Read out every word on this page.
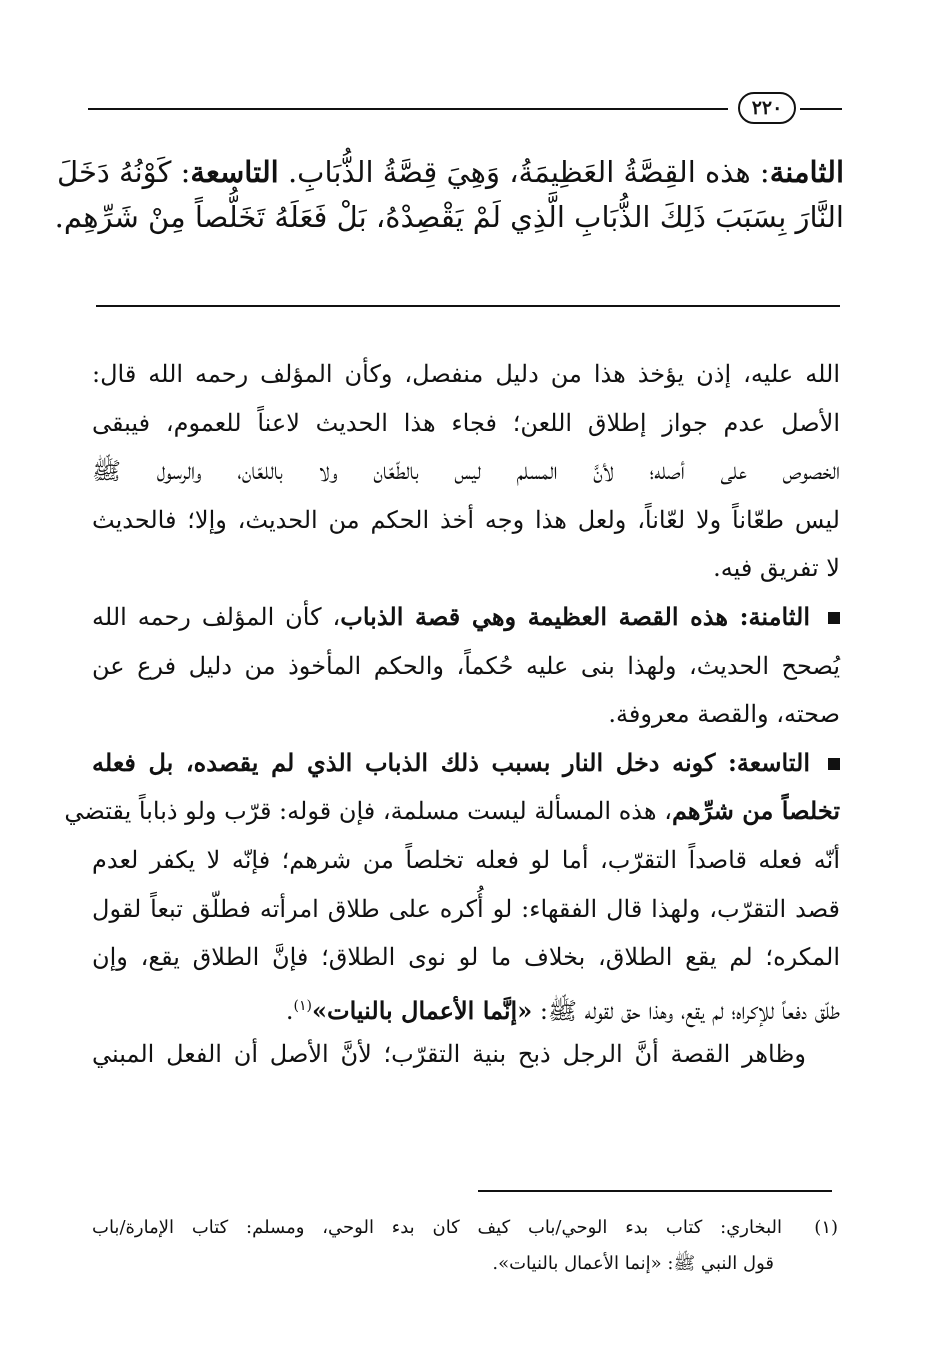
٢٢٠
الثامنة: هذه القِصَّةُ العَظِيمَةُ، وَهِيَ قِصَّةُ الذُّبَابِ. التاسعة: كَوْنُهُ دَخَلَ
النَّارَ بِسَبَبَ ذَلِكَ الذُّبَابِ الَّذِي لَمْ يَقْصِدْهُ، بَلْ فَعَلَهُ تَخَلُّصاً مِنْ شَرِّهِم.
الله عليه، إذن يؤخذ هذا من دليل منفصل، وكأن المؤلف رحمه الله قال:
الأصل عدم جواز إطلاق اللعن؛ فجاء هذا الحديث لاعناً للعموم، فيبقى
الخصوص على أصله؛ لأنَّ المسلم ليس بالطّعّان ولا باللعّان، والرسول ﷺ
ليس طعّاناً ولا لعّاناً، ولعل هذا وجه أخذ الحكم من الحديث، وإلا؛ فالحديث
لا تفريق فيه.
الثامنة: هذه القصة العظيمة وهي قصة الذباب، كأن المؤلف رحمه الله
يُصحح الحديث، ولهذا بنى عليه حُكماً، والحكم المأخوذ من دليل فرع عن
صحته، والقصة معروفة.
التاسعة: كونه دخل النار بسبب ذلك الذباب الذي لم يقصده، بل فعله
تخلصاً من شرِّهم، هذه المسألة ليست مسلمة، فإن قوله: قرّب ولو ذباباً يقتضي
أنّه فعله قاصداً التقرّب، أما لو فعله تخلصاً من شرهم؛ فإنّه لا يكفر لعدم
قصد التقرّب، ولهذا قال الفقهاء: لو أُكره على طلاق امرأته فطلّق تبعاً لقول
المكره؛ لم يقع الطلاق، بخلاف ما لو نوى الطلاق؛ فإنَّ الطلاق يقع، وإن
طلّق دفعاً للإكراه؛ لم يقع، وهذا حق لقوله ﷺ: «إنَّما الأعمال بالنيات»$^{(١)}$.
وظاهر القصة أنَّ الرجل ذبح بنية التقرّب؛ لأنَّ الأصل أن الفعل المبني
(١)البخاري: كتاب بدء الوحي/باب كيف كان بدء الوحي، ومسلم: كتاب الإمارة/باب
قول النبي ﷺ: «إنما الأعمال بالنيات».
